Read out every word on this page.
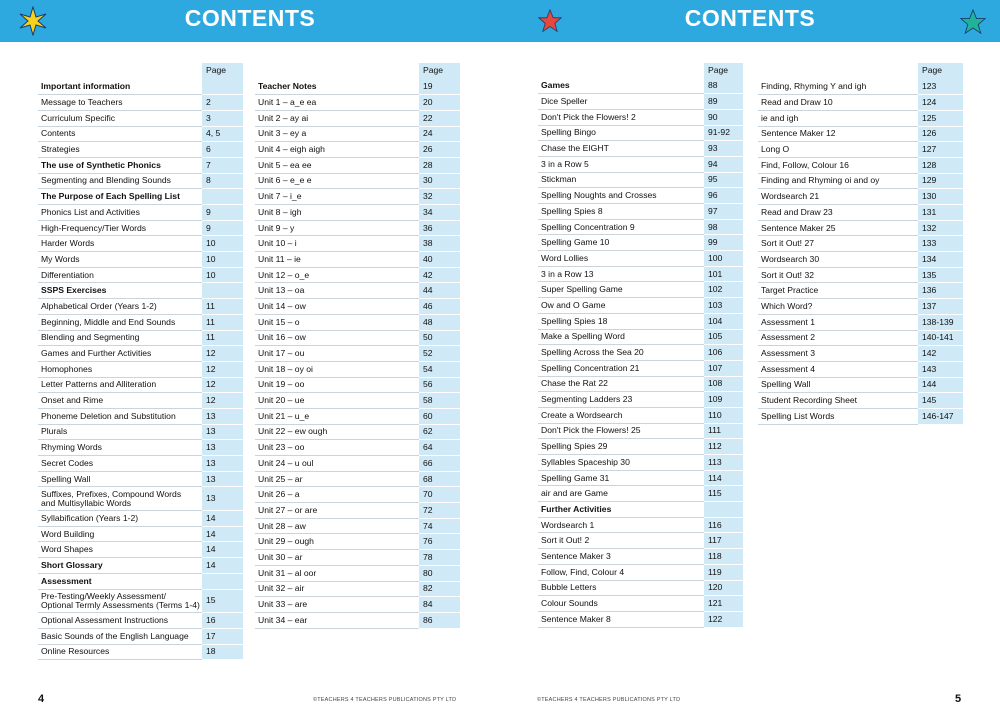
CONTENTS
	Page
Important information	
Message to Teachers	2
Curriculum Specific	3
Contents	4, 5
Strategies	6
The use of Synthetic Phonics	7
Segmenting and Blending Sounds	8
The Purpose of Each Spelling List	
Phonics List and Activities	9
High-Frequency/Tier Words	9
Harder Words	10
My Words	10
Differentiation	10
SSPS Exercises	
Alphabetical Order (Years 1-2)	11
Beginning, Middle and End Sounds	11
Blending and Segmenting	11
Games and Further Activities	12
Homophones	12
Letter Patterns and Alliteration	12
Onset and Rime	12
Phoneme Deletion and Substitution	13
Plurals	13
Rhyming Words	13
Secret Codes	13
Spelling Wall	13
Suffixes, Prefixes, Compound Words
and Multisyllabic Words	13
Syllabification (Years 1-2)	14
Word Building	14
Word Shapes	14
Short Glossary	14
Assessment	
Pre-Testing/Weekly Assessment/
Optional Termly Assessments (Terms 1-4)	15
Optional Assessment Instructions	16
Basic Sounds of the English Language	17
Online Resources	18
	Page
Teacher Notes	19
Unit 1 – a_e ea	20
Unit 2 – ay ai	22
Unit 3 – ey a	24
Unit 4 – eigh aigh	26
Unit 5 – ea ee	28
Unit 6 – e_e e	30
Unit 7 – i_e	32
Unit 8 – igh	34
Unit 9 – y	36
Unit 10 – i	38
Unit 11 – ie	40
Unit 12 – o_e	42
Unit 13 – oa	44
Unit 14 – ow	46
Unit 15 – o	48
Unit 16 – ow	50
Unit 17 – ou	52
Unit 18 – oy oi	54
Unit 19 – oo	56
Unit 20 – ue	58
Unit 21 – u_e	60
Unit 22 – ew ough	62
Unit 23 – oo	64
Unit 24 – u oul	66
Unit 25 – ar	68
Unit 26 – a	70
Unit 27 – or are	72
Unit 28 – aw	74
Unit 29 – ough	76
Unit 30 – ar	78
Unit 31 – al oor	80
Unit 32 – air	82
Unit 33 – are	84
Unit 34 – ear	86
4	©TEACHERS 4 TEACHERS PUBLICATIONS PTY LTD
CONTENTS
	Page
Games	88
Dice Speller	89
Don't Pick the Flowers! 2	90
Spelling Bingo	91-92
Chase the EIGHT	93
3 in a Row 5	94
Stickman	95
Spelling Noughts and Crosses	96
Spelling Spies 8	97
Spelling Concentration 9	98
Spelling Game 10	99
Word Lollies	100
3 in a Row 13	101
Super Spelling Game	102
Ow and O Game	103
Spelling Spies 18	104
Make a Spelling Word	105
Spelling Across the Sea 20	106
Spelling Concentration 21	107
Chase the Rat 22	108
Segmenting Ladders 23	109
Create a Wordsearch	110
Don't Pick the Flowers! 25	111
Spelling Spies 29	112
Syllables Spaceship 30	113
Spelling Game 31	114
air and are Game	115
Further Activities	
Wordsearch 1	116
Sort it Out! 2	117
Sentence Maker 3	118
Follow, Find, Colour 4	119
Bubble Letters	120
Colour Sounds	121
Sentence Maker 8	122
	Page
Finding, Rhyming Y and igh	123
Read and Draw 10	124
ie and igh	125
Sentence Maker 12	126
Long O	127
Find, Follow, Colour 16	128
Finding and Rhyming oi and oy	129
Wordsearch 21	130
Read and Draw 23	131
Sentence Maker 25	132
Sort it Out! 27	133
Wordsearch 30	134
Sort it Out! 32	135
Target Practice	136
Which Word?	137
Assessment 1	138-139
Assessment 2	140-141
Assessment 3	142
Assessment 4	143
Spelling Wall	144
Student Recording Sheet	145
Spelling List Words	146-147
5
©TEACHERS 4 TEACHERS PUBLICATIONS PTY LTD
